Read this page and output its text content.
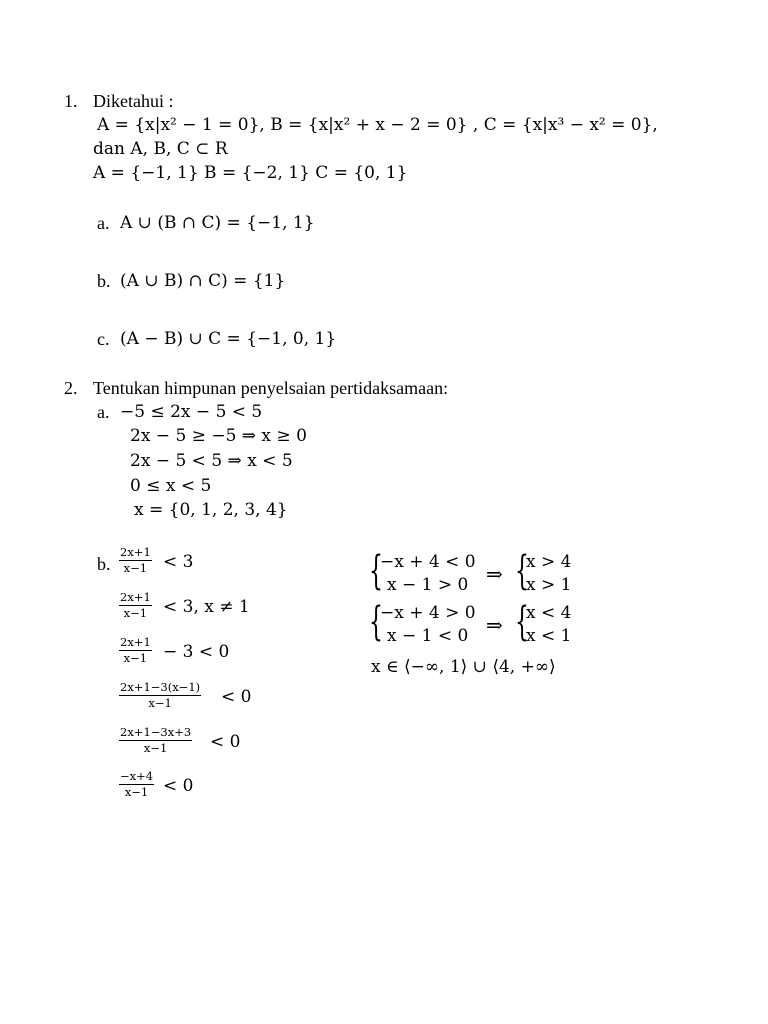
1. Diketahui :
A = {x|x² − 1 = 0}, B = {x|x² + x − 2 = 0} , C = {x|x³ − x² = 0},
dan A, B, C ⊂ R
A = {−1, 1} B = {−2, 1} C = {0, 1}
a. A ∪ (B ∩ C) = {−1, 1}
b. (A ∪ B) ∩ C) = {1}
c. (A − B) ∪ C = {−1, 0, 1}
2. Tentukan himpunan penyelsaian pertidaksamaan:
a. −5 ≤ 2x − 5 < 5
2x − 5 ≥ −5 ⇒ x ≥ 0
2x − 5 < 5 ⇒ x < 5
0 ≤ x < 5
x = {0, 1, 2, 3, 4}
b. $\frac{2x+1}{x-1} < 3$
$\frac{2x+1}{x-1} < 3$, x ≠ 1
$\frac{2x+1}{x-1} - 3 < 0$
$\frac{2x+1-3(x-1)}{x-1} < 0$
$\frac{2x+1-3x+3}{x-1} < 0$
$\frac{-x+4}{x-1} < 0$
{
−x + 4 < 0
x − 1 > 0 ⇒ {
x > 4
x > 1
{
−x + 4 > 0
x − 1 < 0 ⇒ {
x < 4
x < 1
x ∈ ⟨−∞, 1⟩ ∪ ⟨4, +∞⟩
